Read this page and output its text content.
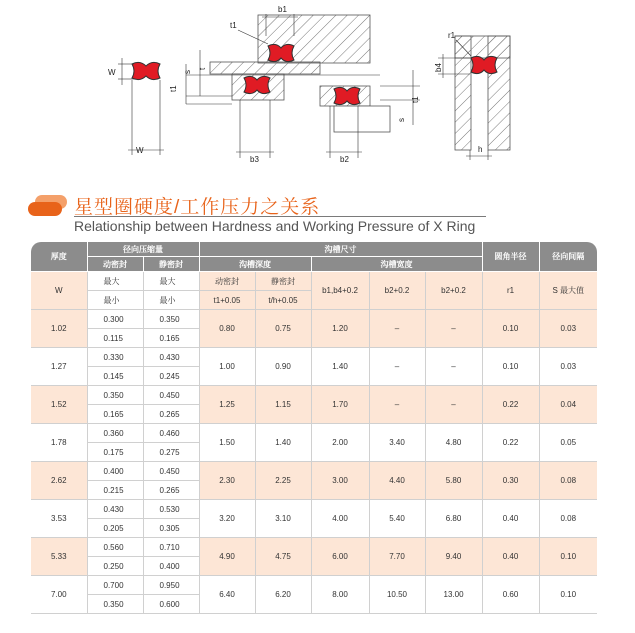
W
W
b1
t1
s
t
t1
b3	b2
t1
s
r1
b4
h
星型圈硬度/工作压力之关系
Relationship between Hardness and Working Pressure of X Ring
厚度	径向压缩量		沟槽尺寸					圆角半径	径向间隔
	动密封	静密封	沟槽深度		沟槽宽度				
W	最大	最大	动密封	静密封	b1,b4+0.2	b2+0.2	b2+0.2	r1	S 最大值
	最小	最小	t1+0.05	t/h+0.05					
1.02	0.300	0.350	0.80	0.75	1.20	–	–	0.10	0.03
	0.115	0.165							
1.27	0.330	0.430	1.00	0.90	1.40	–	–	0.10	0.03
	0.145	0.245							
1.52	0.350	0.450	1.25	1.15	1.70	–	–	0.22	0.04
	0.165	0.265							
1.78	0.360	0.460	1.50	1.40	2.00	3.40	4.80	0.22	0.05
	0.175	0.275							
2.62	0.400	0.450	2.30	2.25	3.00	4.40	5.80	0.30	0.08
	0.215	0.265							
3.53	0.430	0.530	3.20	3.10	4.00	5.40	6.80	0.40	0.08
	0.205	0.305							
5.33	0.560	0.710	4.90	4.75	6.00	7.70	9.40	0.40	0.10
	0.250	0.400							
7.00	0.700	0.950	6.40	6.20	8.00	10.50	13.00	0.60	0.10
	0.350	0.600							
